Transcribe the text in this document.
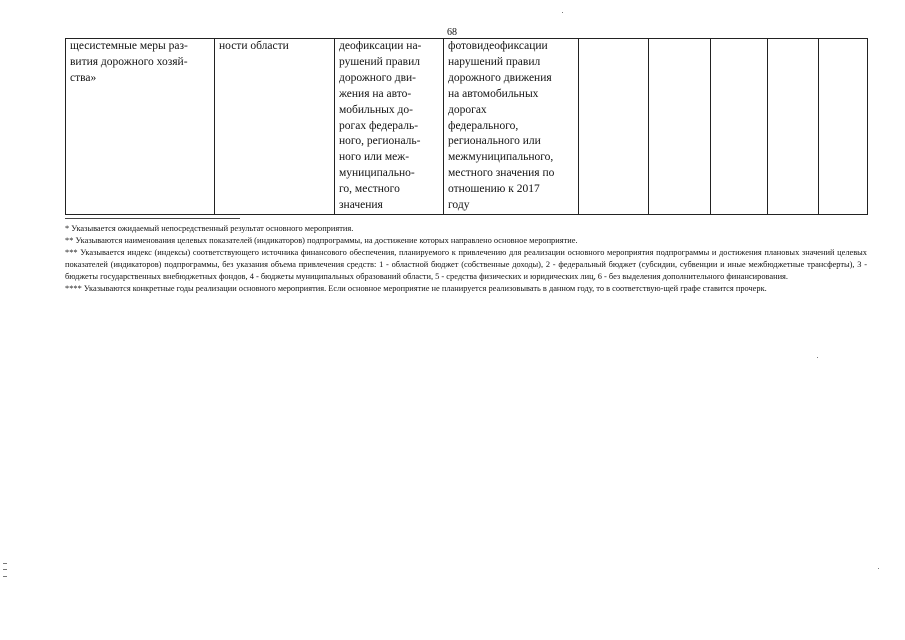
68
щесистемные меры раз-
вития дорожного хозяй-
ства»	ности области	деофиксации на-
рушений правил
дорожного дви-
жения на авто-
мобильных до-
рогах федераль-
ного, региональ-
ного или меж-
муниципально-
го, местного
значения	фотовидеофиксации
нарушений правил
дорожного движения
на автомобильных
дорогах
федерального,
регионального или
межмуниципального,
местного значения по
отношению к 2017
году					

* Указывается ожидаемый непосредственный результат основного мероприятия.

** Указываются наименования целевых показателей (индикаторов) подпрограммы, на достижение которых направлено основное мероприятие.

*** Указывается индекс (индексы) соответствующего источника финансового обеспечения, планируемого к привлечению для реализации основного мероприятия подпрограммы и достижения плановых значений целевых показателей (индикаторов) подпрограммы, без указания объема привлечения средств: 1 - областной бюджет (собственные доходы), 2 - федеральный бюджет (субсидии, субвенции и иные межбюджетные трансферты), 3 - бюджеты государственных внебюджетных фондов, 4 - бюджеты муниципальных образований области, 5 - средства физических и юридических лиц, 6 - без выделения дополнительного финансирования.

**** Указываются конкретные годы реализации основного мероприятия. Если основное мероприятие не планируется реализовывать в данном году, то в соответствую-щей графе ставится прочерк.
